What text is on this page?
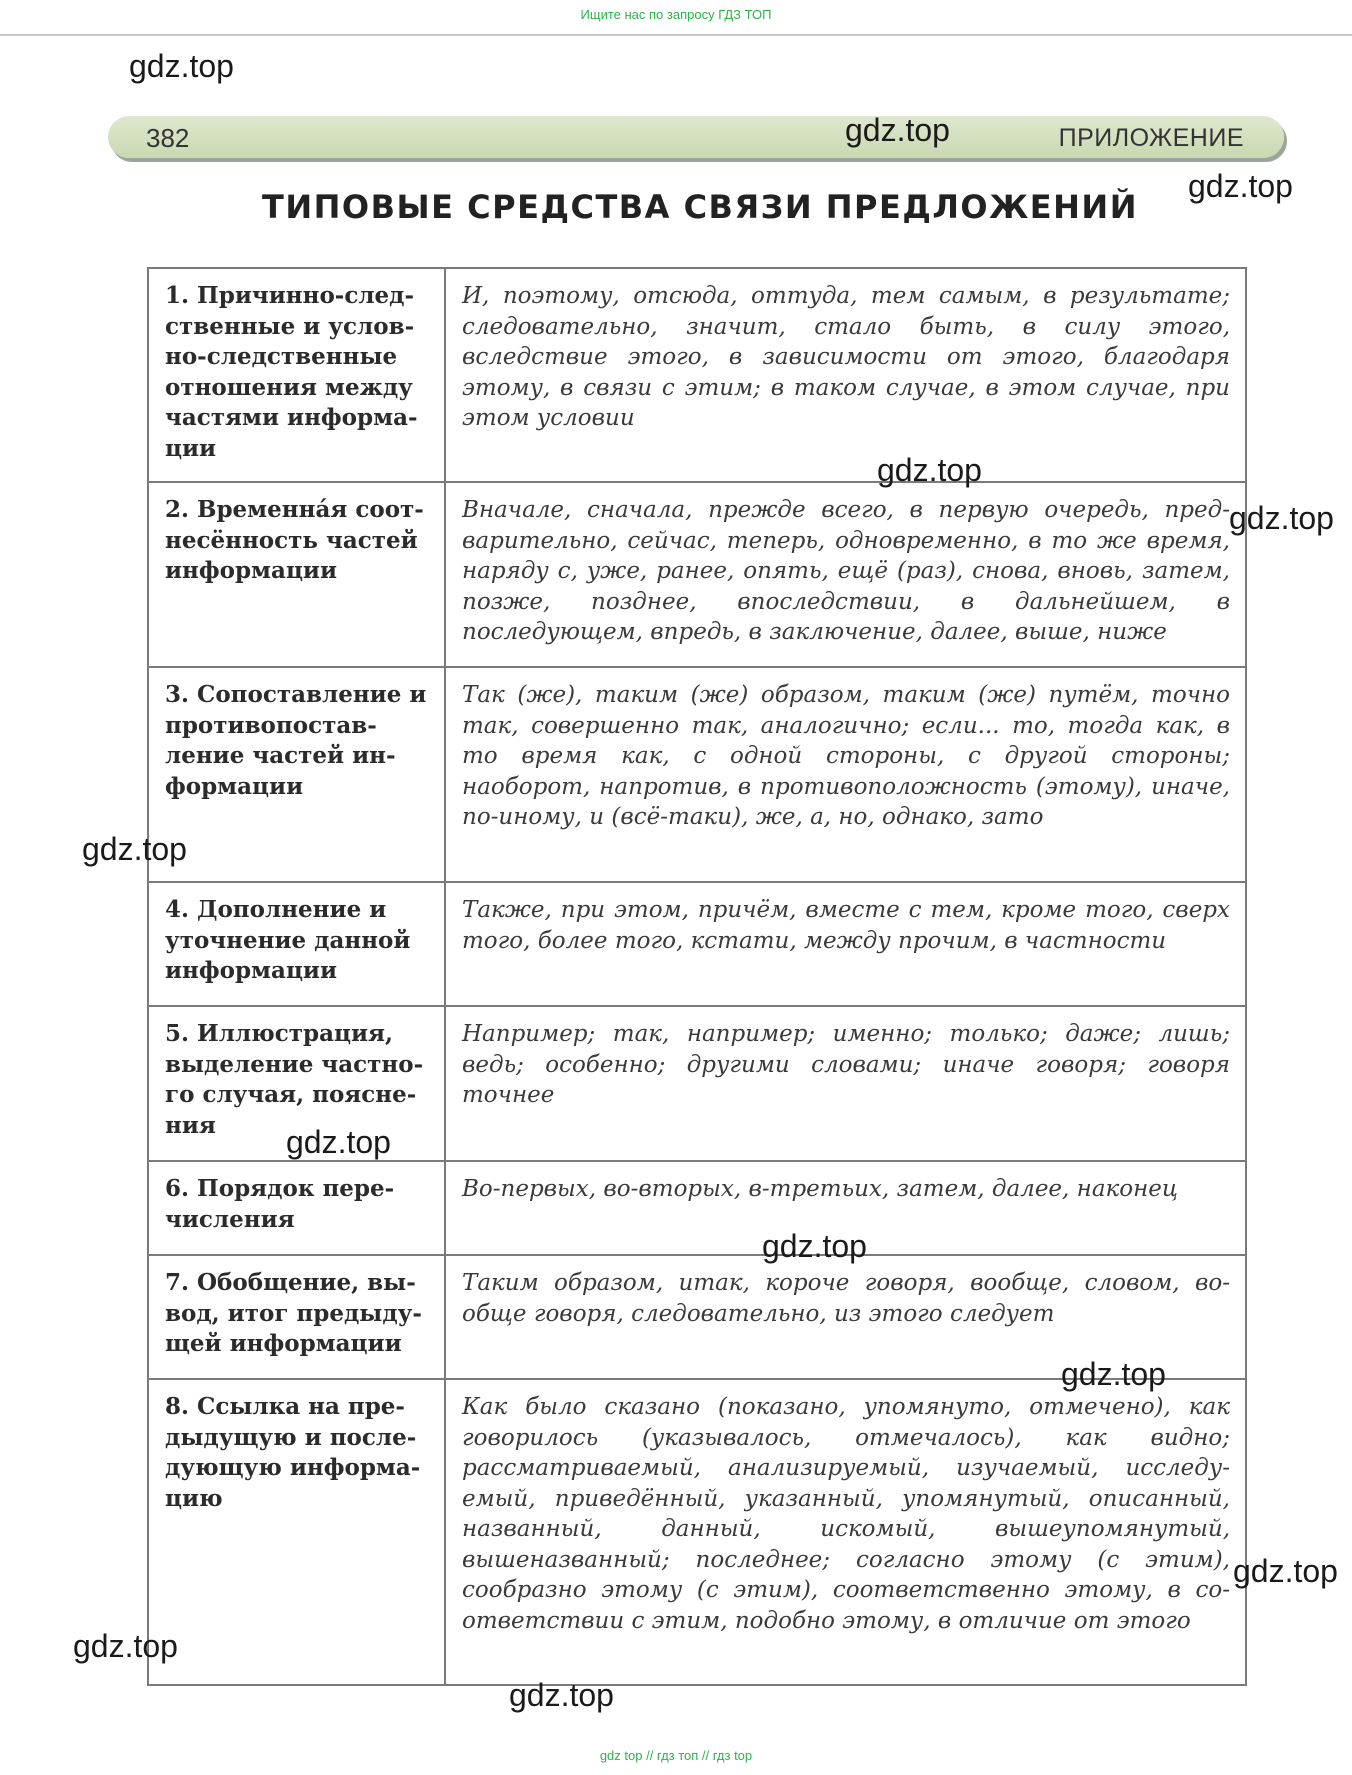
Ищите нас по запросу ГДЗ ТОП
382	ПРИЛОЖЕНИЕ
ТИПОВЫЕ СРЕДСТВА СВЯЗИ ПРЕДЛОЖЕНИЙ
1. Причинно-следственные и условно-следственные отношения между частями информации	И, поэтому, отсюда, оттуда, тем самым, в результате; следовательно, значит, стало быть, в силу этого, вследствие этого, в зависимости от этого, благодаря этому, в связи с этим; в таком случае, в этом случае, при этом условии
2. Временнáя соотнесённость частей информации	Вначале, сначала, прежде всего, в первую очередь, предварительно, сейчас, теперь, одновременно, в то же время, наряду с, уже, ранее, опять, ещё (раз), снова, вновь, затем, позже, позднее, впоследствии, в дальнейшем, в последующем, впредь, в заключение, далее, выше, ниже
3. Сопоставление и противопоставление частей информации	Так (же), таким (же) образом, таким (же) путём, точно так, совершенно так, аналогично; если... то, тогда как, в то время как, с одной стороны, с другой стороны; наоборот, напротив, в противоположность (этому), иначе, по-иному, и (всё-таки), же, а, но, однако, зато
4. Дополнение и уточнение данной информации	Также, при этом, причём, вместе с тем, кроме того, сверх того, более того, кстати, между прочим, в частности
5. Иллюстрация, выделение частного случая, пояснения	Например; так, например; именно; только; даже; лишь; ведь; особенно; другими словами; иначе говоря; говоря точнее
6. Порядок перечисления	Во-первых, во-вторых, в-третьих, затем, далее, наконец
7. Обобщение, вывод, итог предыдущей информации	Таким образом, итак, короче говоря, вообще, словом, вообще говоря, следовательно, из этого следует
8. Ссылка на предыдущую и последующую информацию	Как было сказано (показано, упомянуто, отмечено), как говорилось (указывалось, отмечалось), как видно; рассматриваемый, анализируемый, изучаемый, исследуемый, приведённый, указанный, упомянутый, описанный, названный, данный, искомый, вышеупомянутый, вышеназванный; последнее; согласно этому (с этим), сообразно этому (с этим), соответственно этому, в соответствии с этим, подобно этому, в отличие от этого
gdz.top
gdz.top
gdz.top
gdz.top
gdz.top
gdz.top
gdz.top
gdz.top
gdz.top
gdz.top
gdz.top
gdz.top
gdz top // гдз топ // гдз top
